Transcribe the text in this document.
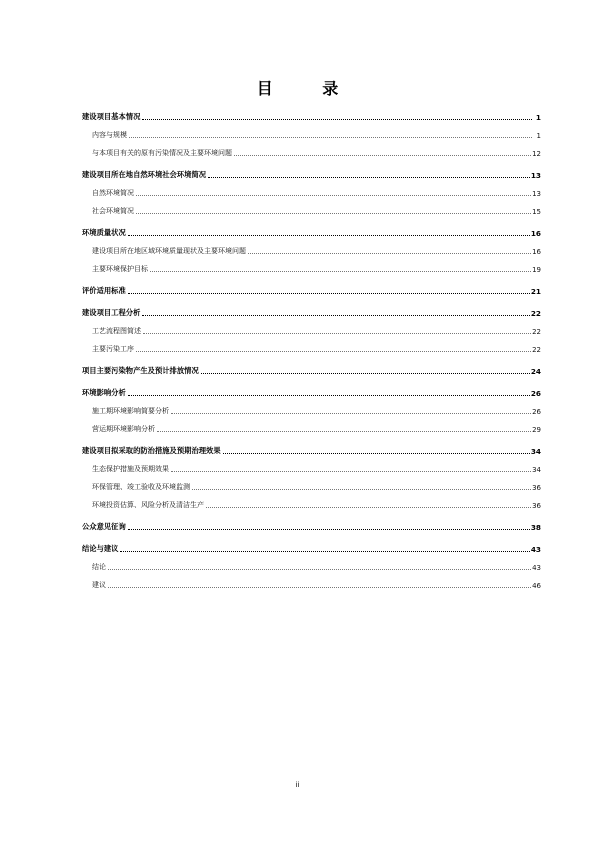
目 录
建设项目基本情况	1
内容与规模	1
与本项目有关的原有污染情况及主要环境问题	12
建设项目所在地自然环境社会环境简况	13
自然环境简况	13
社会环境简况	15
环境质量状况	16
建设项目所在地区域环境质量现状及主要环境问题	16
主要环境保护目标	19
评价适用标准	21
建设项目工程分析	22
工艺流程图简述	22
主要污染工序	22
项目主要污染物产生及预计排放情况	24
环境影响分析	26
施工期环境影响简要分析	26
营运期环境影响分析	29
建设项目拟采取的防治措施及预期治理效果	34
生态保护措施及预期效果	34
环保管理、竣工验收及环境监测	36
环境投资估算、风险分析及清洁生产	36
公众意见征询	38
结论与建议	43
结论	43
建议	46
ii
